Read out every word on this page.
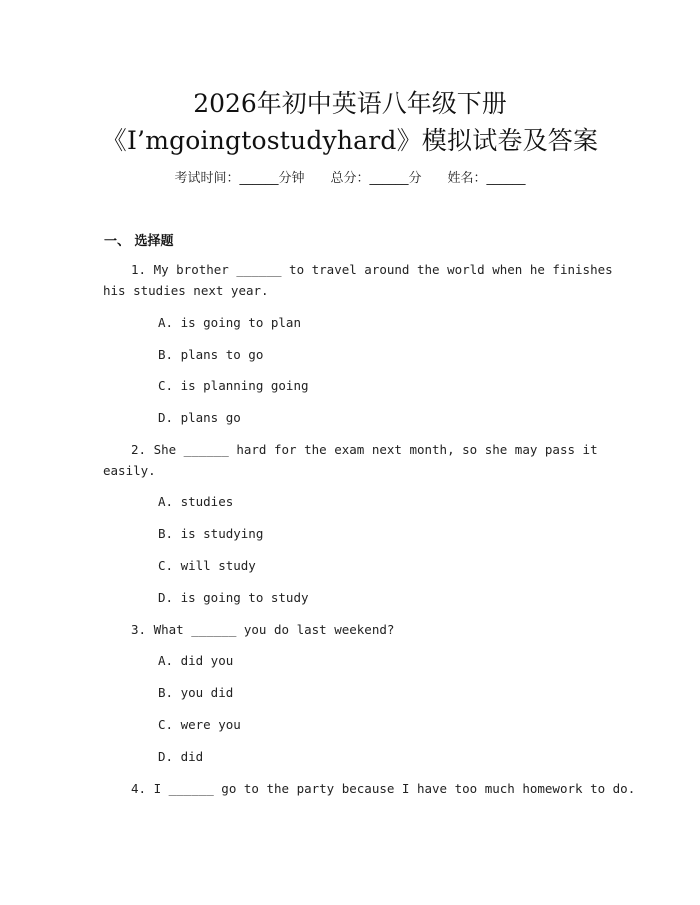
2026年初中英语八年级下册
《I’mgoingtostudyhard》模拟试卷及答案
考试时间：______分钟 总分：______分 姓名：______
一、 选择题
1. My brother ______ to travel around the world when he finishes
his studies next year.
A. is going to plan
B. plans to go
C. is planning going
D. plans go
2. She ______ hard for the exam next month, so she may pass it
easily.
A. studies
B. is studying
C. will study
D. is going to study
3. What ______ you do last weekend?
A. did you
B. you did
C. were you
D. did
4. I ______ go to the party because I have too much homework to do.
